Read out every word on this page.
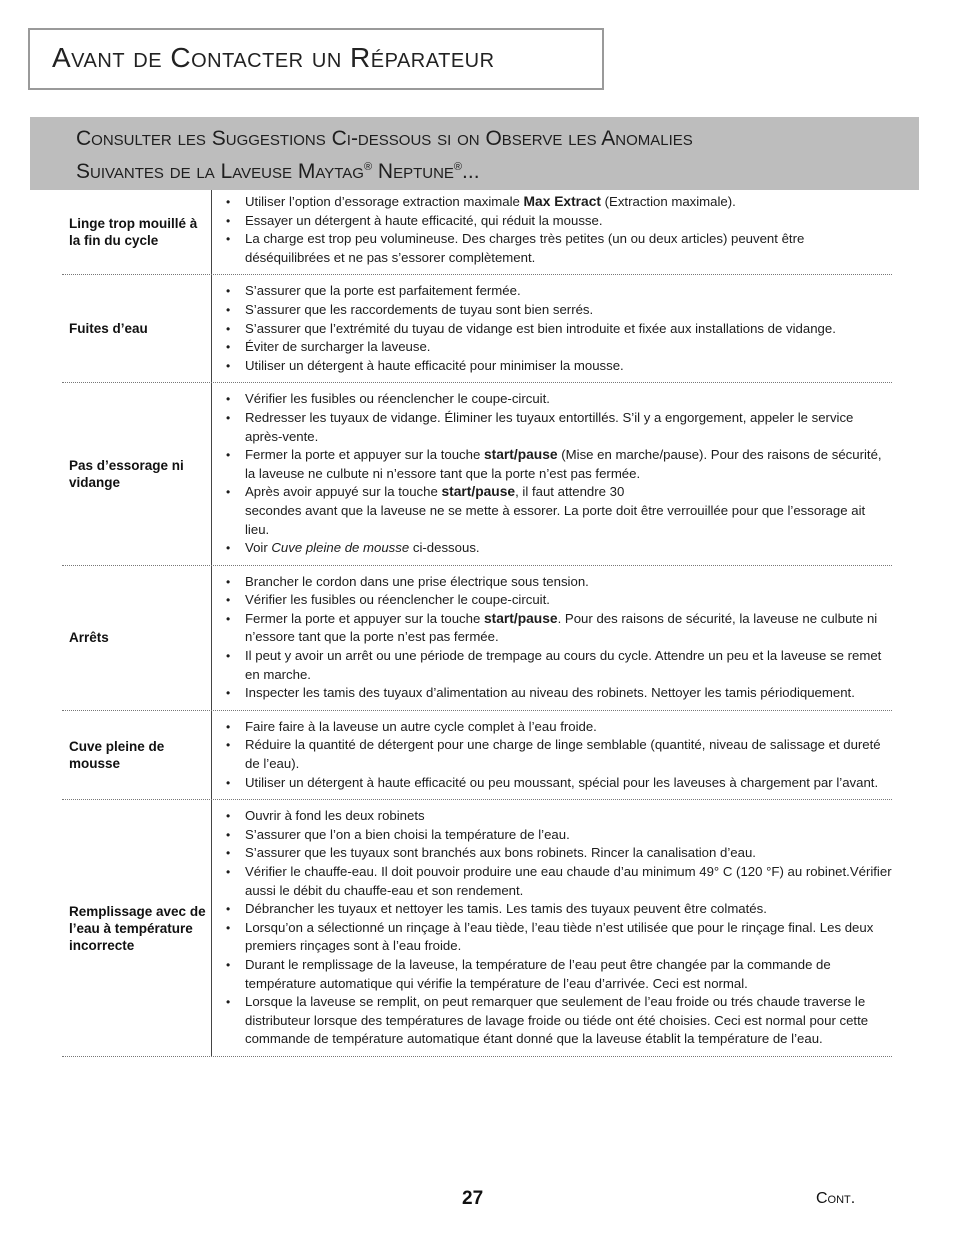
Avant de Contacter un Réparateur
Consulter les Suggestions Ci-dessous si on Observe les Anomalies
Suivantes de la Laveuse Maytag® Neptune®...
Linge trop mouillé à la fin du cycle
• Utiliser l’option d’essorage extraction maximale Max Extract (Extraction maximale).
• Essayer un détergent à haute efficacité, qui réduit la mousse.
• La charge est trop peu volumineuse. Des charges très petites (un ou deux articles) peuvent être déséquilibrées et ne pas s’essorer complètement.
Fuites d’eau
• S’assurer que la porte est parfaitement fermée.
• S’assurer que les raccordements de tuyau sont bien serrés.
• S’assurer que l’extrémité du tuyau de vidange est bien introduite et fixée aux installations de vidange.
• Éviter de surcharger la laveuse.
• Utiliser un détergent à haute efficacité pour minimiser la mousse.
Pas d’essorage ni vidange
• Vérifier les fusibles ou réenclencher le coupe-circuit.
• Redresser les tuyaux de vidange. Éliminer les tuyaux entortillés. S’il y a engorgement, appeler le service après-vente.
• Fermer la porte et appuyer sur la touche start/pause (Mise en marche/pause). Pour des raisons de sécurité, la laveuse ne culbute ni n’essore tant que la porte n’est pas fermée.
• Après avoir appuyé sur la touche start/pause, il faut attendre 30
secondes avant que la laveuse ne se mette à essorer. La porte doit être verrouillée pour que l’essorage ait lieu.
• Voir Cuve pleine de mousse ci-dessous.
Arrêts
• Brancher le cordon dans une prise électrique sous tension.
• Vérifier les fusibles ou réenclencher le coupe-circuit.
• Fermer la porte et appuyer sur la touche start/pause. Pour des raisons de sécurité, la laveuse ne culbute ni n’essore tant que la porte n’est pas fermée.
• Il peut y avoir un arrêt ou une période de trempage au cours du cycle. Attendre un peu et la laveuse se remet en marche.
• Inspecter les tamis des tuyaux d’alimentation au niveau des robinets. Nettoyer les tamis périodiquement.
Cuve pleine de mousse
• Faire faire à la laveuse un autre cycle complet à l’eau froide.
• Réduire la quantité de détergent pour une charge de linge semblable (quantité, niveau de salissage et dureté de l’eau).
• Utiliser un détergent à haute efficacité ou peu moussant, spécial pour les laveuses à chargement par l’avant.
Remplissage avec de l’eau à température incorrecte
• Ouvrir à fond les deux robinets
• S’assurer que l’on a bien choisi la température de l’eau.
• S’assurer que les tuyaux sont branchés aux bons robinets. Rincer la canalisation d’eau.
• Vérifier le chauffe-eau. Il doit pouvoir produire une eau chaude d’au minimum 49° C (120 °F) au robinet.Vérifier aussi le débit du chauffe-eau et son rendement.
• Débrancher les tuyaux et nettoyer les tamis. Les tamis des tuyaux peuvent être colmatés.
• Lorsqu’on a sélectionné un rinçage à l’eau tiède, l’eau tiède n’est utilisée que pour le rinçage final. Les deux premiers rinçages sont à l’eau froide.
• Durant le remplissage de la laveuse, la température de l’eau peut être changée par la commande de température automatique qui vérifie la température de l’eau d’arrivée. Ceci est normal.
• Lorsque la laveuse se remplit, on peut remarquer que seulement de l’eau froide ou trés chaude traverse le distributeur lorsque des températures de lavage froide ou tiéde ont été choisies. Ceci est normal pour cette commande de température automatique étant donné que la laveuse établit la température de l’eau.
27	Cont.
